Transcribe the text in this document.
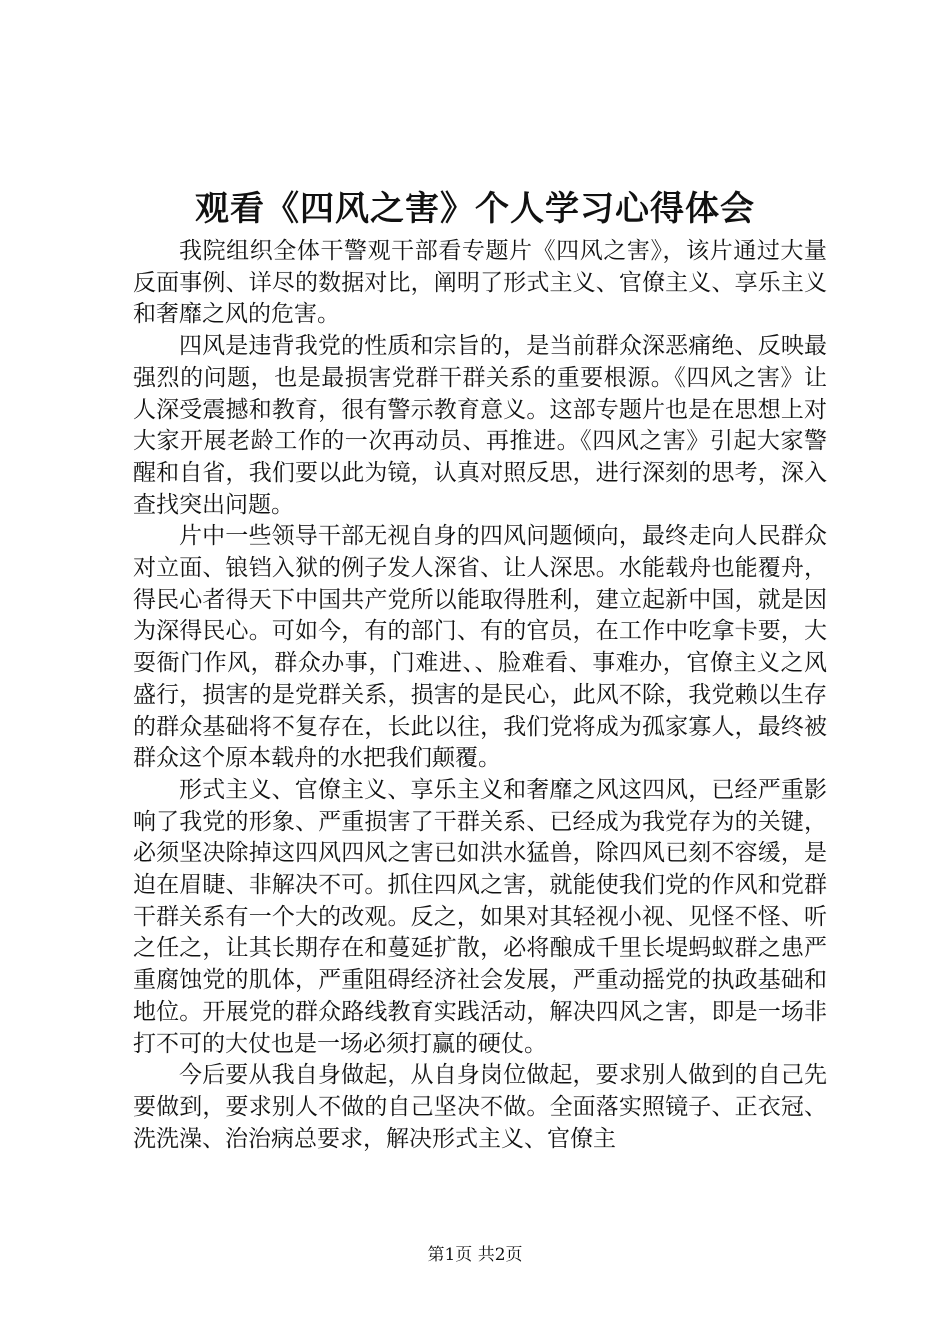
观看《四风之害》个人学习心得体会

我院组织全体干警观干部看专题片《四风之害》，该片通过大量反面事例、详尽的数据对比，阐明了形式主义、官僚主义、享乐主义和奢靡之风的危害。

四风是违背我党的性质和宗旨的，是当前群众深恶痛绝、反映最强烈的问题，也是最损害党群干群关系的重要根源。《四风之害》让人深受震撼和教育，很有警示教育意义。这部专题片也是在思想上对大家开展老龄工作的一次再动员、再推进。《四风之害》引起大家警醒和自省，我们要以此为镜，认真对照反思，进行深刻的思考，深入查找突出问题。

片中一些领导干部无视自身的四风问题倾向，最终走向人民群众对立面、锒铛入狱的例子发人深省、让人深思。水能载舟也能覆舟，得民心者得天下中国共产党所以能取得胜利，建立起新中国，就是因为深得民心。可如今，有的部门、有的官员，在工作中吃拿卡要，大耍衙门作风，群众办事，门难进、、脸难看、事难办，官僚主义之风盛行，损害的是党群关系，损害的是民心，此风不除，我党赖以生存的群众基础将不复存在，长此以往，我们党将成为孤家寡人，最终被群众这个原本载舟的水把我们颠覆。

形式主义、官僚主义、享乐主义和奢靡之风这四风，已经严重影响了我党的形象、严重损害了干群关系、已经成为我党存为的关键，必须坚决除掉这四风四风之害已如洪水猛兽，除四风已刻不容缓，是迫在眉睫、非解决不可。抓住四风之害，就能使我们党的作风和党群干群关系有一个大的改观。反之，如果对其轻视小视、见怪不怪、听之任之，让其长期存在和蔓延扩散，必将酿成千里长堤蚂蚁群之患严重腐蚀党的肌体，严重阻碍经济社会发展，严重动摇党的执政基础和地位。开展党的群众路线教育实践活动，解决四风之害，即是一场非打不可的大仗也是一场必须打赢的硬仗。

今后要从我自身做起，从自身岗位做起，要求别人做到的自己先要做到，要求别人不做的自己坚决不做。全面落实照镜子、正衣冠、洗洗澡、治治病总要求，解决形式主义、官僚主

第1页 共2页
